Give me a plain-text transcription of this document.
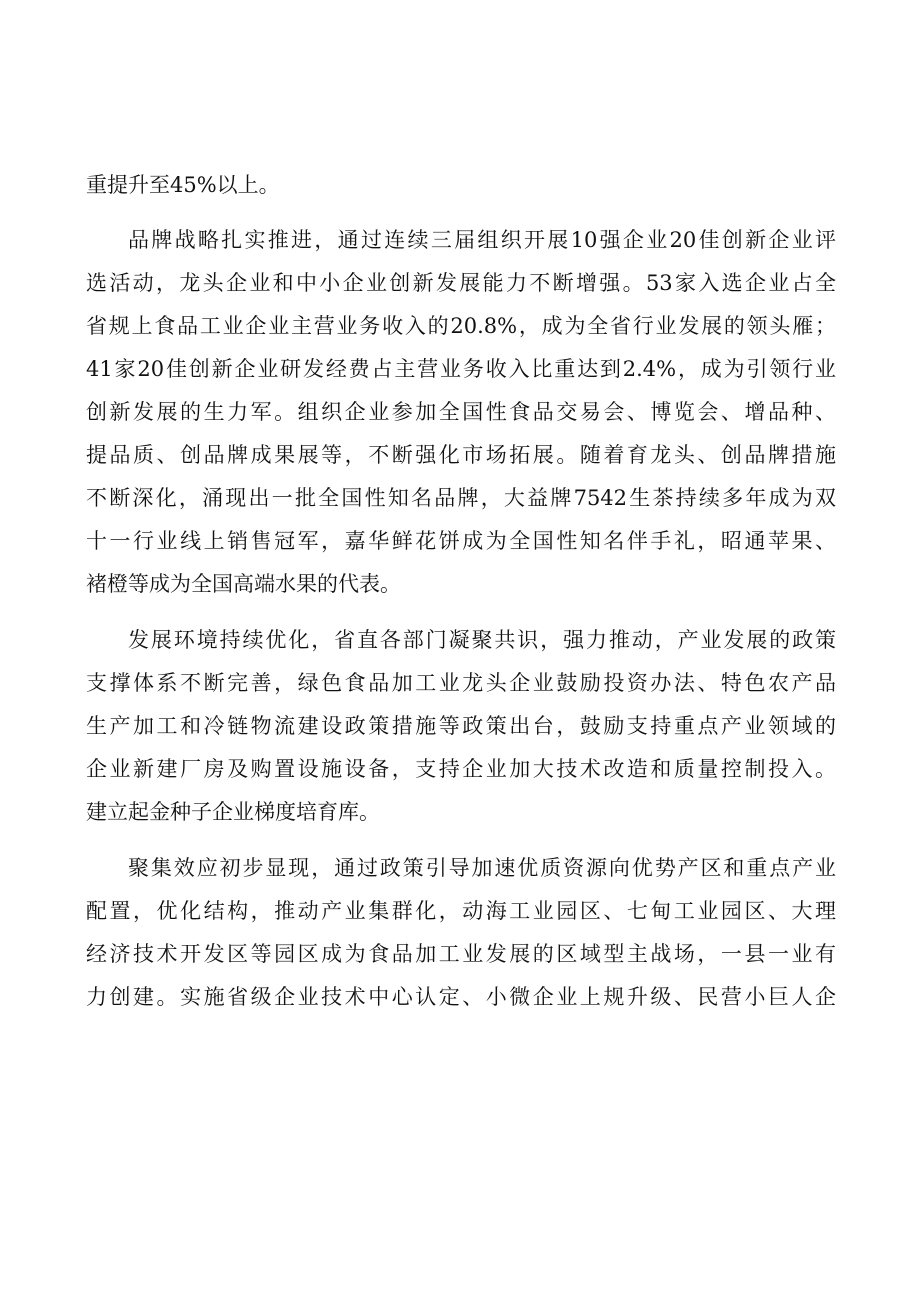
重提升至45%以上。
品牌战略扎实推进，通过连续三届组织开展10强企业20佳创新企业评
选活动，龙头企业和中小企业创新发展能力不断增强。53家入选企业占全
省规上食品工业企业主营业务收入的20.8%，成为全省行业发展的领头雁；
41家20佳创新企业研发经费占主营业务收入比重达到2.4%，成为引领行业
创新发展的生力军。组织企业参加全国性食品交易会、博览会、增品种、
提品质、创品牌成果展等，不断强化市场拓展。随着育龙头、创品牌措施
不断深化，涌现出一批全国性知名品牌，大益牌7542生茶持续多年成为双
十一行业线上销售冠军，嘉华鲜花饼成为全国性知名伴手礼，昭通苹果、
褚橙等成为全国高端水果的代表。
发展环境持续优化，省直各部门凝聚共识，强力推动，产业发展的政策
支撑体系不断完善，绿色食品加工业龙头企业鼓励投资办法、特色农产品
生产加工和冷链物流建设政策措施等政策出台，鼓励支持重点产业领域的
企业新建厂房及购置设施设备，支持企业加大技术改造和质量控制投入。
建立起金种子企业梯度培育库。
聚集效应初步显现，通过政策引导加速优质资源向优势产区和重点产业
配置，优化结构，推动产业集群化，动海工业园区、七甸工业园区、大理
经济技术开发区等园区成为食品加工业发展的区域型主战场，一县一业有
力创建。实施省级企业技术中心认定、小微企业上规升级、民营小巨人企
